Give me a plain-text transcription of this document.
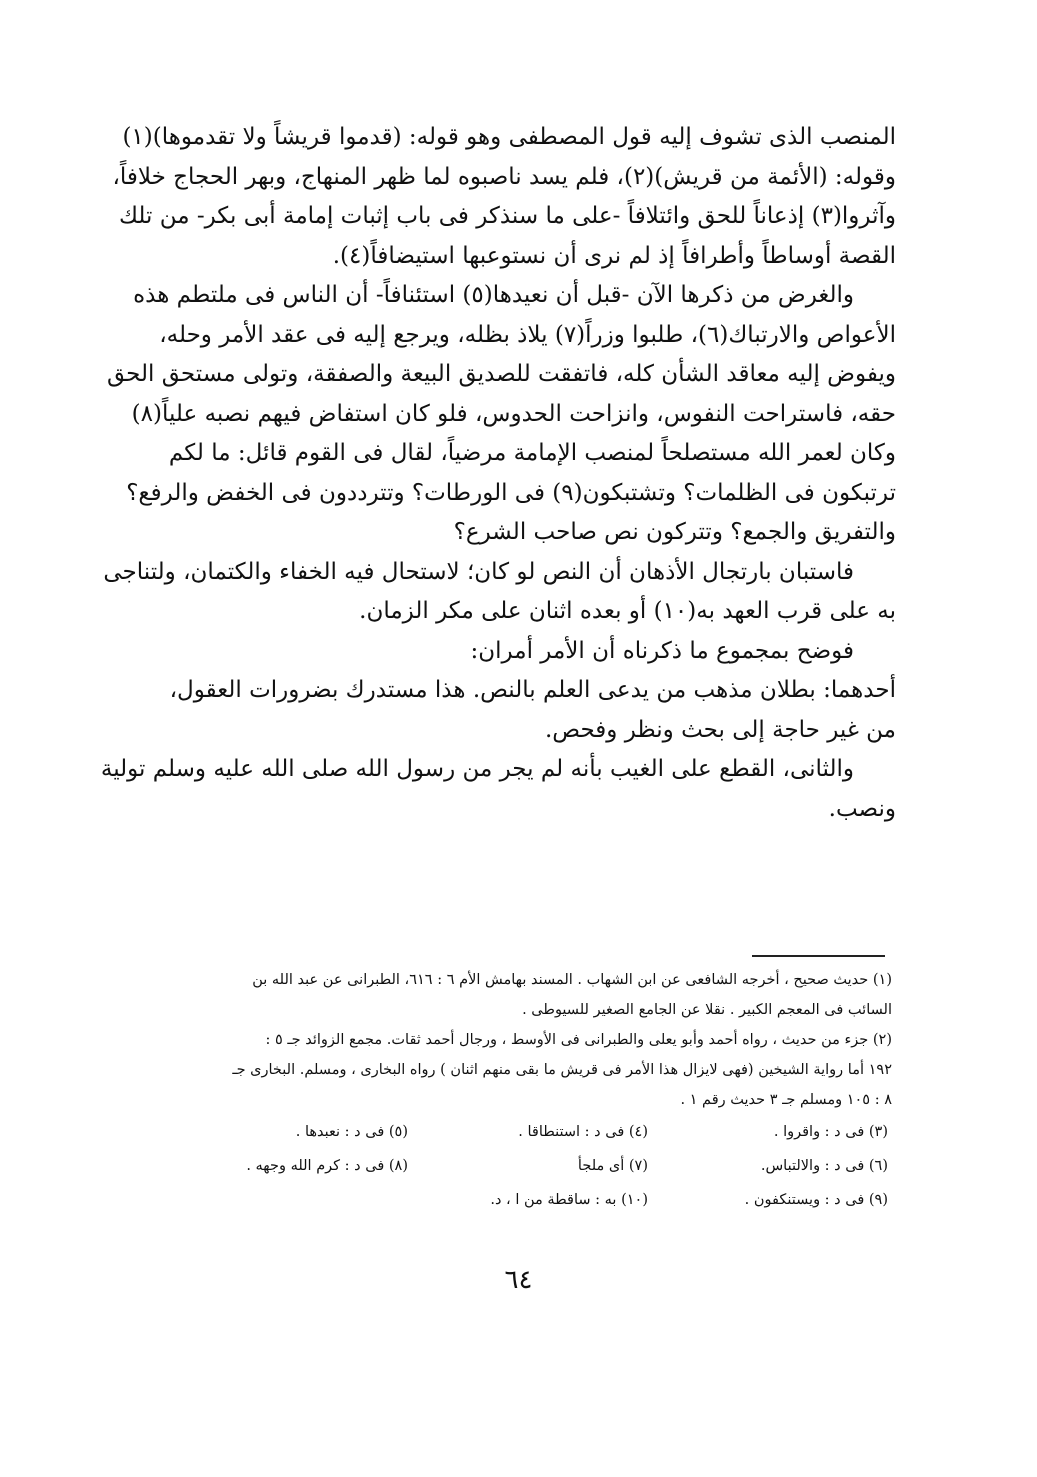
المنصب الذى تشوف إليه قول المصطفى وهو قوله: (قدموا قريشاً ولا تقدموها)(١)
وقوله: (الأئمة من قريش)(٢)، فلم يسد ناصبوه لما ظهر المنهاج، وبهر الحجاج خلافاً،
وآثروا(٣) إذعاناً للحق وائتلافاً -على ما سنذكر فى باب إثبات إمامة أبى بكر- من تلك
القصة أوساطاً وأطرافاً إذ لم نرى أن نستوعبها استيضافاً(٤).
والغرض من ذكرها الآن -قبل أن نعيدها(٥) استئنافاً- أن الناس فى ملتطم هذه
الأعواص والارتباك(٦)، طلبوا وزراً(٧) يلاذ بظله، ويرجع إليه فى عقد الأمر وحله،
ويفوض إليه معاقد الشأن كله، فاتفقت للصديق البيعة والصفقة، وتولى مستحق الحق
حقه، فاستراحت النفوس، وانزاحت الحدوس، فلو كان استفاض فيهم نصبه علياً(٨)
وكان لعمر الله مستصلحاً لمنصب الإمامة مرضياً، لقال فى القوم قائل: ما لكم
ترتبكون فى الظلمات؟ وتشتبكون(٩) فى الورطات؟ وتترددون فى الخفض والرفع؟
والتفريق والجمع؟ وتتركون نص صاحب الشرع؟
فاستبان بارتجال الأذهان أن النص لو كان؛ لاستحال فيه الخفاء والكتمان، ولتناجى
به على قرب العهد به(١٠) أو بعده اثنان على مكر الزمان.
فوضح بمجموع ما ذكرناه أن الأمر أمران:
أحدهما: بطلان مذهب من يدعى العلم بالنص. هذا مستدرك بضرورات العقول،
من غير حاجة إلى بحث ونظر وفحص.
والثانى، القطع على الغيب بأنه لم يجر من رسول الله صلى الله عليه وسلم تولية
ونصب.
(١) حديث صحيح ، أخرجه الشافعى عن ابن الشهاب . المسند بهامش الأم ٦ : ٦١٦، الطبرانى عن عبد الله بن
السائب فى المعجم الكبير . نقلا عن الجامع الصغير للسيوطى .
(٢) جزء من حديث ، رواه أحمد وأبو يعلى والطبرانى فى الأوسط ، ورجال أحمد ثقات. مجمع الزوائد جـ ٥ :
١٩٢ أما رواية الشيخين (فهى لايزال هذا الأمر فى قريش ما بقى منهم اثنان ) رواه البخارى ، ومسلم. البخارى جـ
٨ : ١٠٥ ومسلم جـ ٣ حديث رقم ١ .
(٣) فى د : واقروا .
(٤) فى د : استنطاقا .
(٥) فى د : نعبدها .
(٦) فى د : والالتباس.
(٧) أى ملجأ
(٨) فى د : كرم الله وجهه .
(٩) فى د : ويستنكفون .
(١٠) به : ساقطة من ا ، د.
٦٤
